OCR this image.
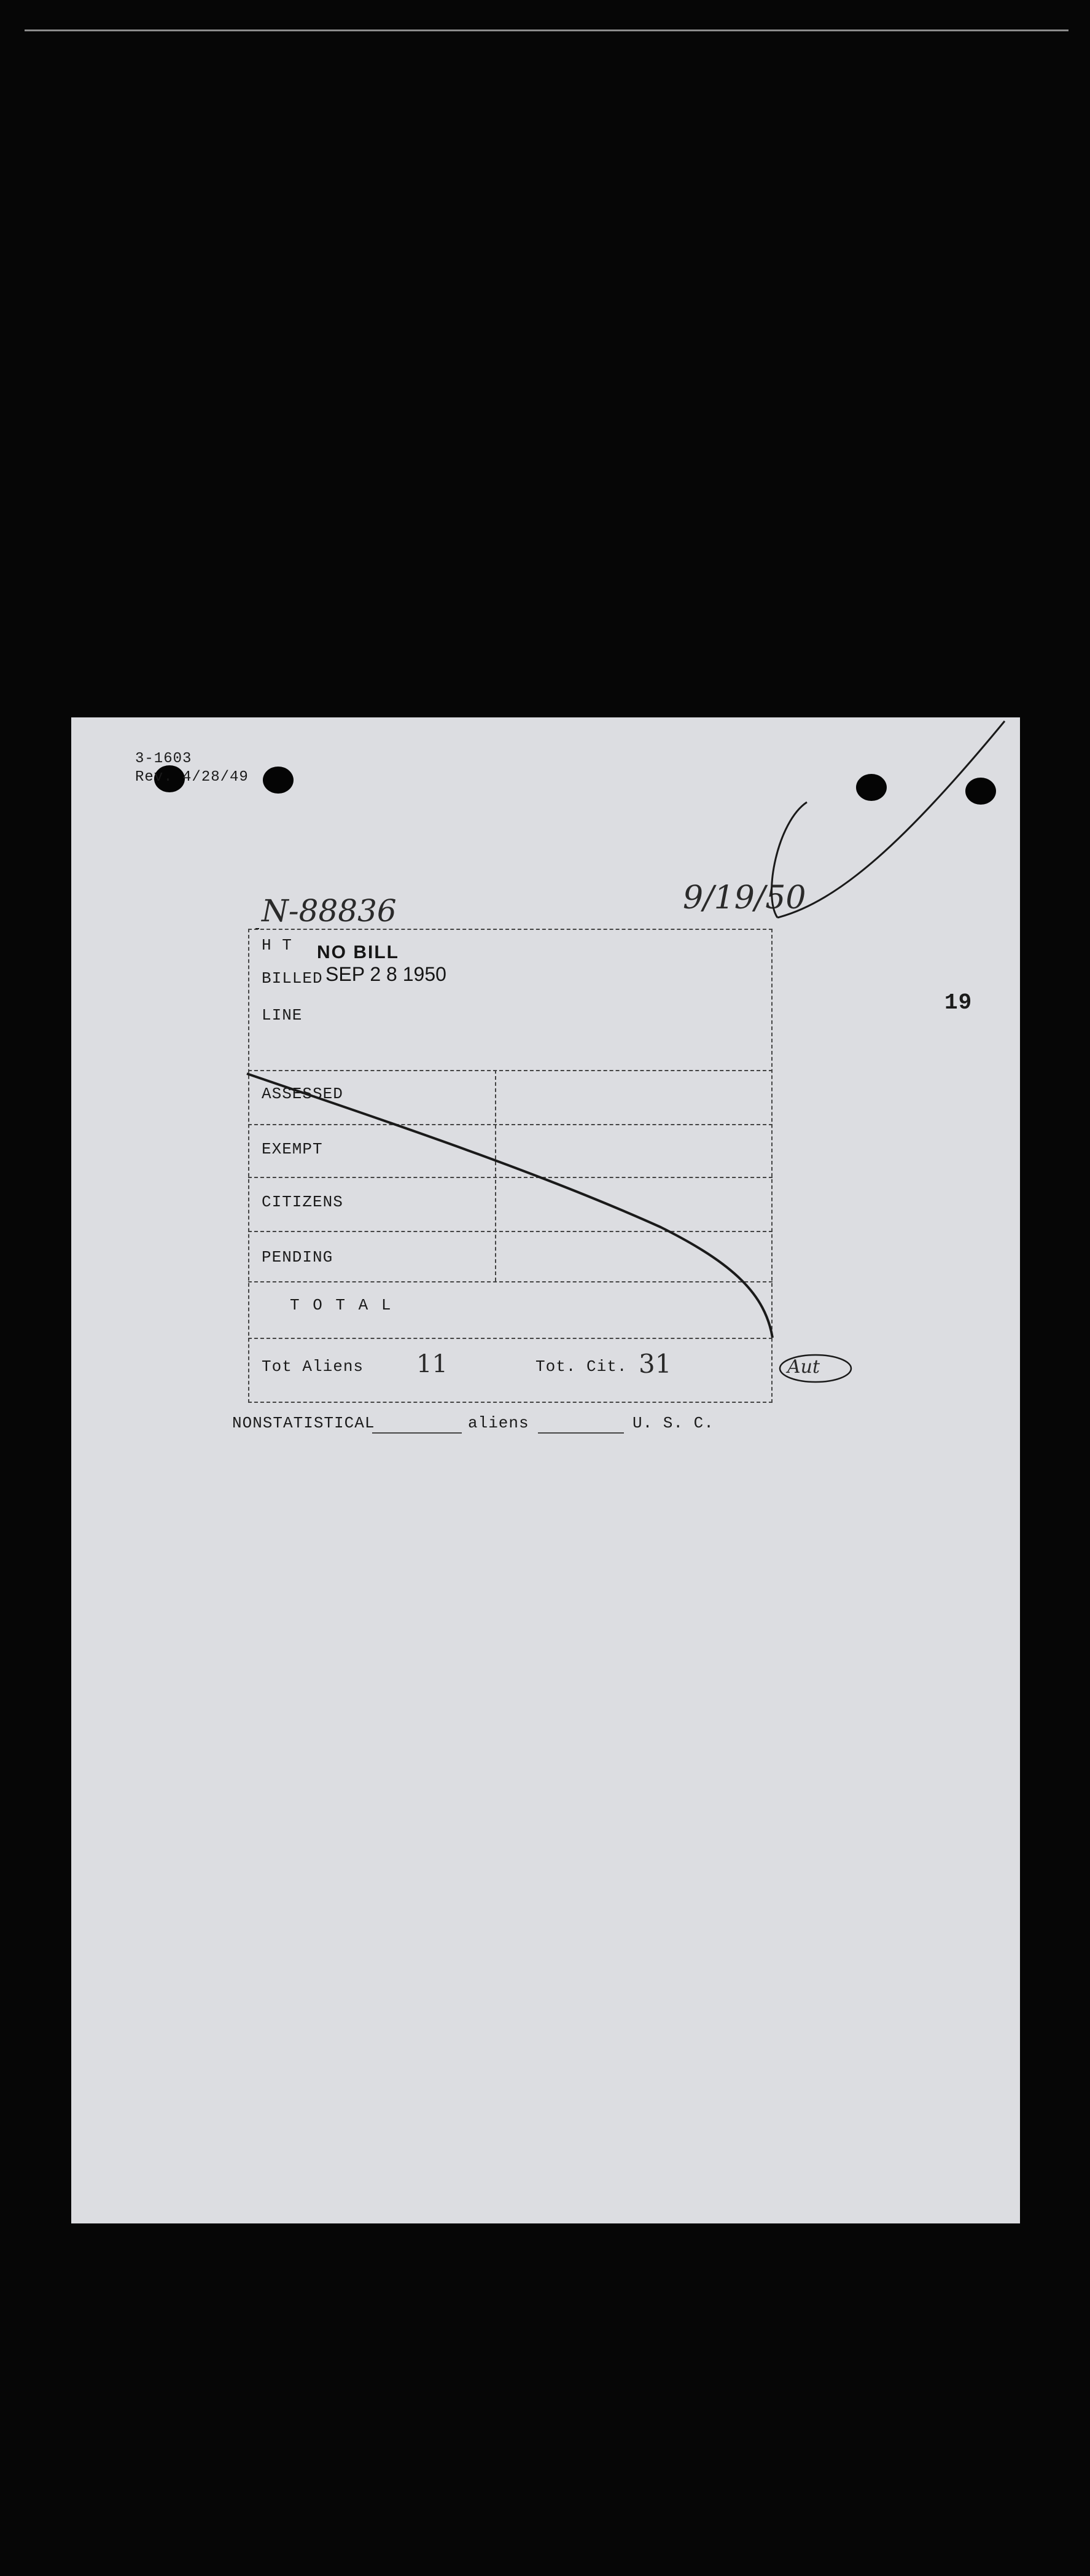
3-1603
Rev. 4/28/49
19
N-88836	9/19/50
H T NO BILL
BILLED SEP 2 8 1950
LINE
ASSESSED
EXEMPT
CITIZENS
PENDING
T O T A L
Tot Aliens 11	Tot. Cit. 31	Aut
NONSTATISTICAL	aliens	U. S. C.
